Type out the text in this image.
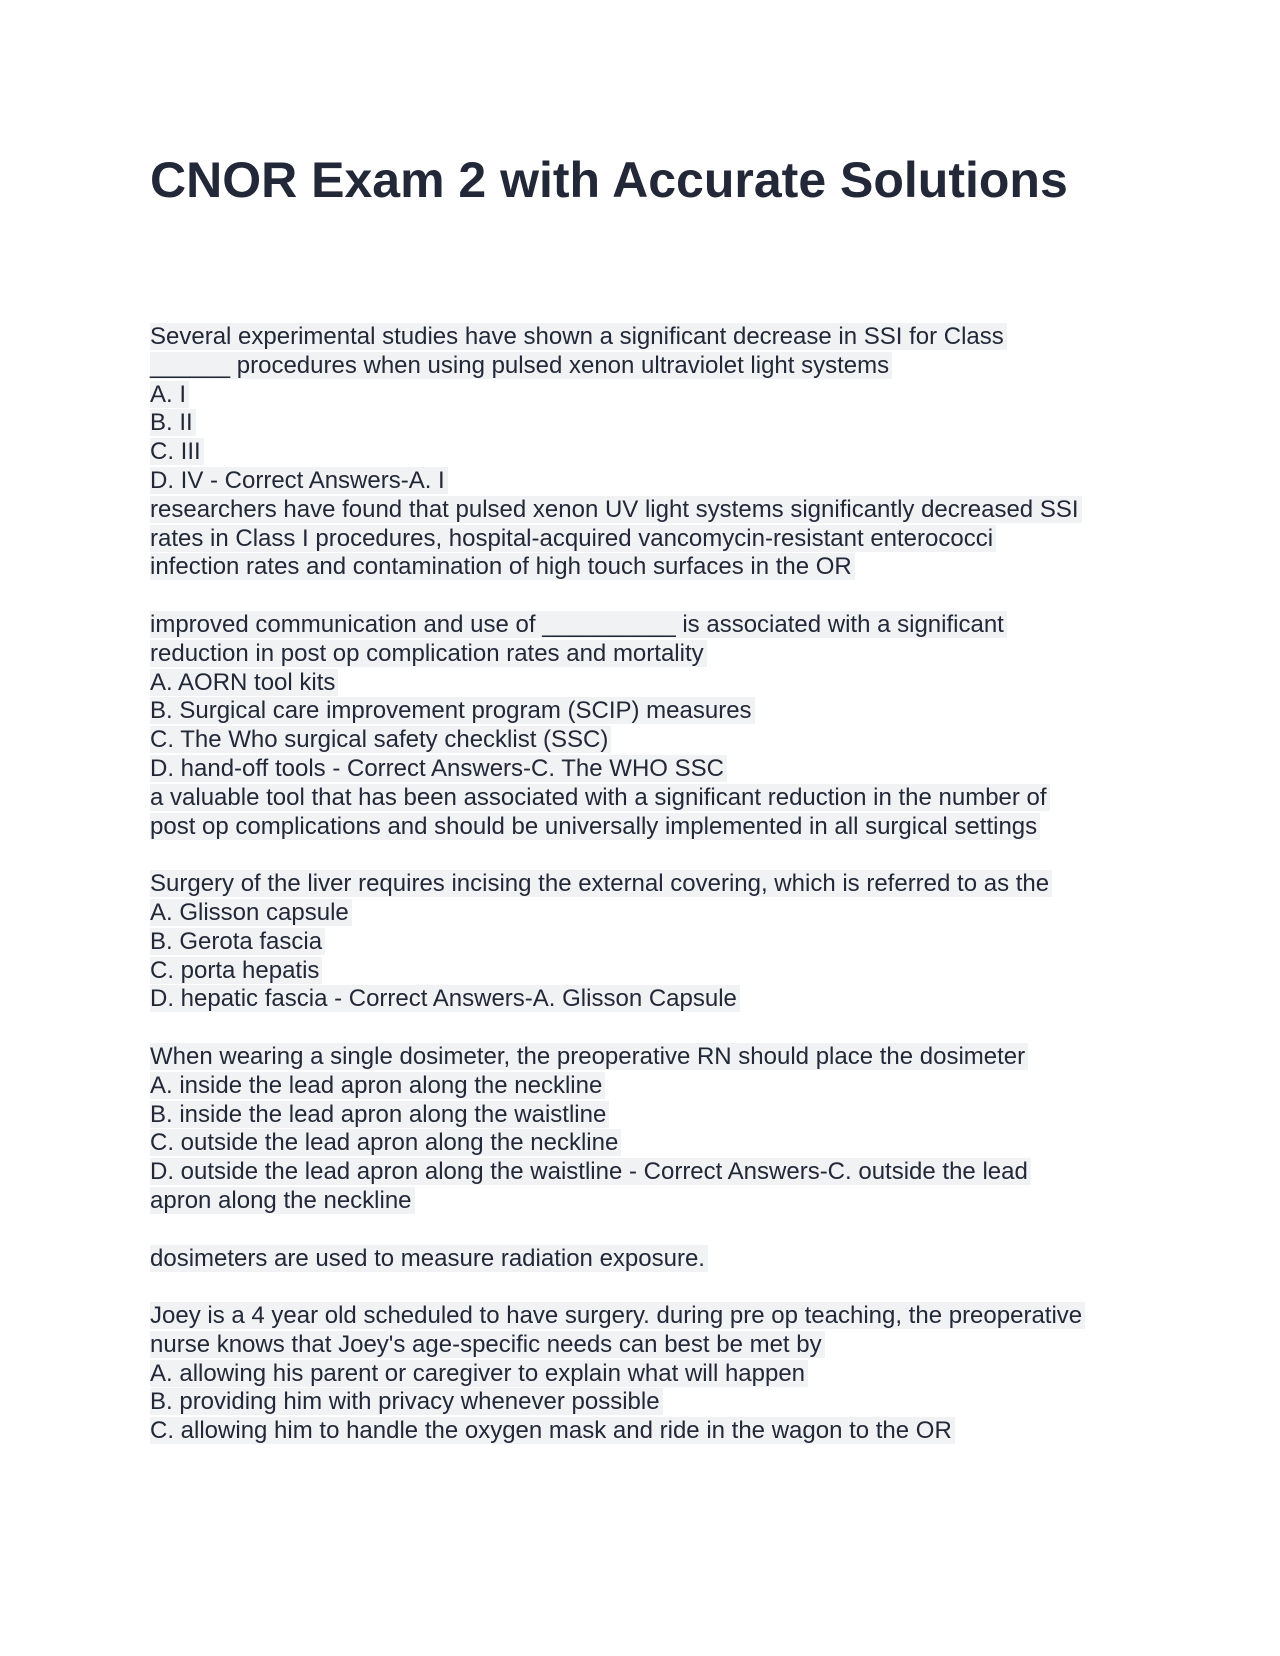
CNOR Exam 2 with Accurate Solutions
Several experimental studies have shown a significant decrease in SSI for Class
______ procedures when using pulsed xenon ultraviolet light systems
A. I
B. II
C. III
D. IV - Correct Answers-A. I
researchers have found that pulsed xenon UV light systems significantly decreased SSI
rates in Class I procedures, hospital-acquired vancomycin-resistant enterococci
infection rates and contamination of high touch surfaces in the OR
improved communication and use of __________ is associated with a significant
reduction in post op complication rates and mortality
A. AORN tool kits
B. Surgical care improvement program (SCIP) measures
C. The Who surgical safety checklist (SSC)
D. hand-off tools - Correct Answers-C. The WHO SSC
a valuable tool that has been associated with a significant reduction in the number of
post op complications and should be universally implemented in all surgical settings
Surgery of the liver requires incising the external covering, which is referred to as the
A. Glisson capsule
B. Gerota fascia
C. porta hepatis
D. hepatic fascia - Correct Answers-A. Glisson Capsule
When wearing a single dosimeter, the preoperative RN should place the dosimeter
A. inside the lead apron along the neckline
B. inside the lead apron along the waistline
C. outside the lead apron along the neckline
D. outside the lead apron along the waistline - Correct Answers-C. outside the lead
apron along the neckline
dosimeters are used to measure radiation exposure.
Joey is a 4 year old scheduled to have surgery. during pre op teaching, the preoperative
nurse knows that Joey's age-specific needs can best be met by
A. allowing his parent or caregiver to explain what will happen
B. providing him with privacy whenever possible
C. allowing him to handle the oxygen mask and ride in the wagon to the OR
